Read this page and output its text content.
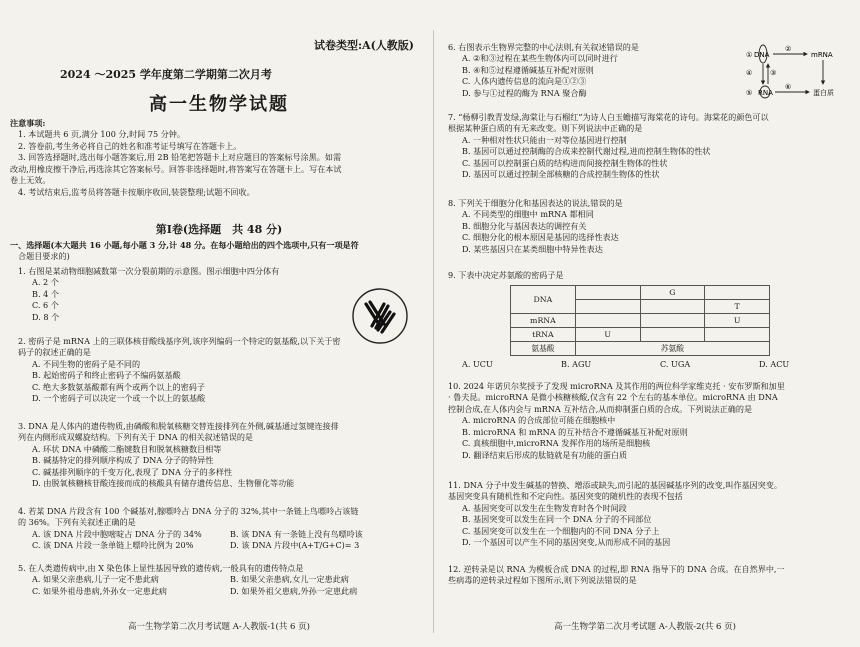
试卷类型:A(人教版)
2024 ～2025 学年度第二学期第二次月考
高一生物学试题
注意事项:
1. 本试题共 6 页,满分 100 分,时间 75 分钟。
2. 答卷前,考生务必将自己的姓名和准考证号填写在答题卡上。
3. 回答选择题时,选出每小题答案后,用 2B 铅笔把答题卡上对应题目的答案标号涂黑。如需
改动,用橡皮擦干净后,再选涂其它答案标号。回答非选择题时,将答案写在答题卡上。写在本试
卷上无效。
4. 考试结束后,监考员将答题卡按顺序收回,装袋整理;试题不回收。
第Ⅰ卷(选择题　共 48 分)
一、选择题(本大题共 16 小题,每小题 3 分,计 48 分。在每小题给出的四个选项中,只有一项是符
合题目要求的)
1. 右图是某动物细胞减数第一次分裂前期的示意图。图示细胞中四分体有
A. 2 个
B. 4 个
C. 6 个
D. 8 个
2. 密码子是 mRNA 上的三联体核苷酸线基序列,该序列编码一个特定的氨基酸,以下关于密
码子的叙述正确的是
A. 不同生物的密码子是不同的
B. 起始密码子和终止密码子不编码氨基酸
C. 绝大多数氨基酸都有两个或两个以上的密码子
D. 一个密码子可以决定一个或一个以上的氨基酸
3. DNA 是人体内的遗传物质,由磷酸和脱氧核糖交替连接排列在外侧,碱基通过氢键连接排
列在内侧形成双螺旋结构。下列有关于 DNA 的相关叙述错误的是
A. 环状 DNA 中磷酸二酯键数目和脱氧核糖数目相等
B. 碱基特定的排列顺序构成了 DNA 分子的特异性
C. 碱基排列顺序的千变万化,表现了 DNA 分子的多样性
D. 由脱氧核糖核苷酸连接而成的核酸具有储存遗传信息、生物催化等功能
4. 若某 DNA 片段含有 100 个碱基对,腺嘌呤占 DNA 分子的 32%,其中一条链上鸟嘌呤占该链
的 36%。下列有关叙述正确的是
A. 该 DNA 片段中胞嘧啶占 DNA 分子的 34%	B. 该 DNA 有一条链上没有鸟嘌呤该
C. 该 DNA 片段一条单链上嘌呤比例为 20%	D. 该 DNA 片段中(A+T/G+C)= 3
5. 在人类遗传病中,由 X 染色体上显性基因导致的遗传病,一般具有的遗传特点是
A. 如果父亲患病,儿子一定不患此病	B. 如果父亲患病,女儿一定患此病
C. 如果外祖母患病,外孙女一定患此病	D. 如果外祖父患病,外孙一定患此病
高一生物学第二次月考试题 A-人教版-1(共 6 页)
6. 右图表示生物界完整的中心法则,有关叙述错误的是
A. ②和③过程在某些生物体内可以同时进行
B. ④和⑤过程遵循碱基互补配对原则
C. 人体内遗传信息的流向是①②③
D. 参与①过程的酶为 RNA 聚合酶
7. “杨柳引教青发绿,海棠让与石榴红”为诗人白玉蟾描写海棠花的诗句。海棠花的颜色可以
根据某种蛋白质的有无来改变。则下列说法中正确的是
A. 一种相对性状只能由一对等位基因进行控制
B. 基因可以通过控制酶的合成来控制代谢过程,进而控制生物体的性状
C. 基因可以控制蛋白质的结构进而间接控制生物体的性状
D. 基因可以通过控制全部核糖的合成控制生物体的性状
8. 下列关于细胞分化和基因表达的说法,错误的是
A. 不同类型的细胞中 mRNA 都相同
B. 细胞分化与基因表达的调控有关
C. 细胞分化的根本原因是基因的选择性表达
D. 某些基因只在某类细胞中特异性表达
9. 下表中决定苏氨酸的密码子是
DNA		G	
			T
mRNA			U
tRNA	U		
氨基酸	苏氨酸		
A. UCU	B. AGU	C. UGA	D. ACU
10. 2024 年诺贝尔奖授予了发现 microRNA 及其作用的两位科学家维克托 · 安布罗斯和加里
· 鲁夫昆。microRNA 是微小核糖核酸,仅含有 22 个左右的基本单位。microRNA 由 DNA
控制合成,在人体内会与 mRNA 互补结合,从而抑制蛋白质的合成。下列说法正确的是
A. microRNA 的合成部位可能在细胞核中
B. microRNA 和 mRNA 的互补结合不遵循碱基互补配对原则
C. 真核细胞中,microRNA 发挥作用的场所是细胞核
D. 翻译结束后形成的肽链就是有功能的蛋白质
11. DNA 分子中发生碱基的替换、增添或缺失,而引起的基因碱基序列的改变,叫作基因突变。
基因突变具有随机性和不定向性。基因突变的随机性的表现不包括
A. 基因突变可以发生在生物发育时各个时间段
B. 基因突变可以发生在同一个 DNA 分子的不同部位
C. 基因突变可以发生在一个细胞内的不同 DNA 分子上
D. 一个基因可以产生不同的基因突变,从而形成不同的基因
12. 逆转录是以 RNA 为模板合成 DNA 的过程,即 RNA 指导下的 DNA 合成。在自然界中,一
些病毒的逆转录过程如下图所示,则下列说法错误的是
高一生物学第二次月考试题 A-人教版-2(共 6 页)
DNA
①
②
mRNA
④	③
RNA
⑤
⑥
蛋白质
